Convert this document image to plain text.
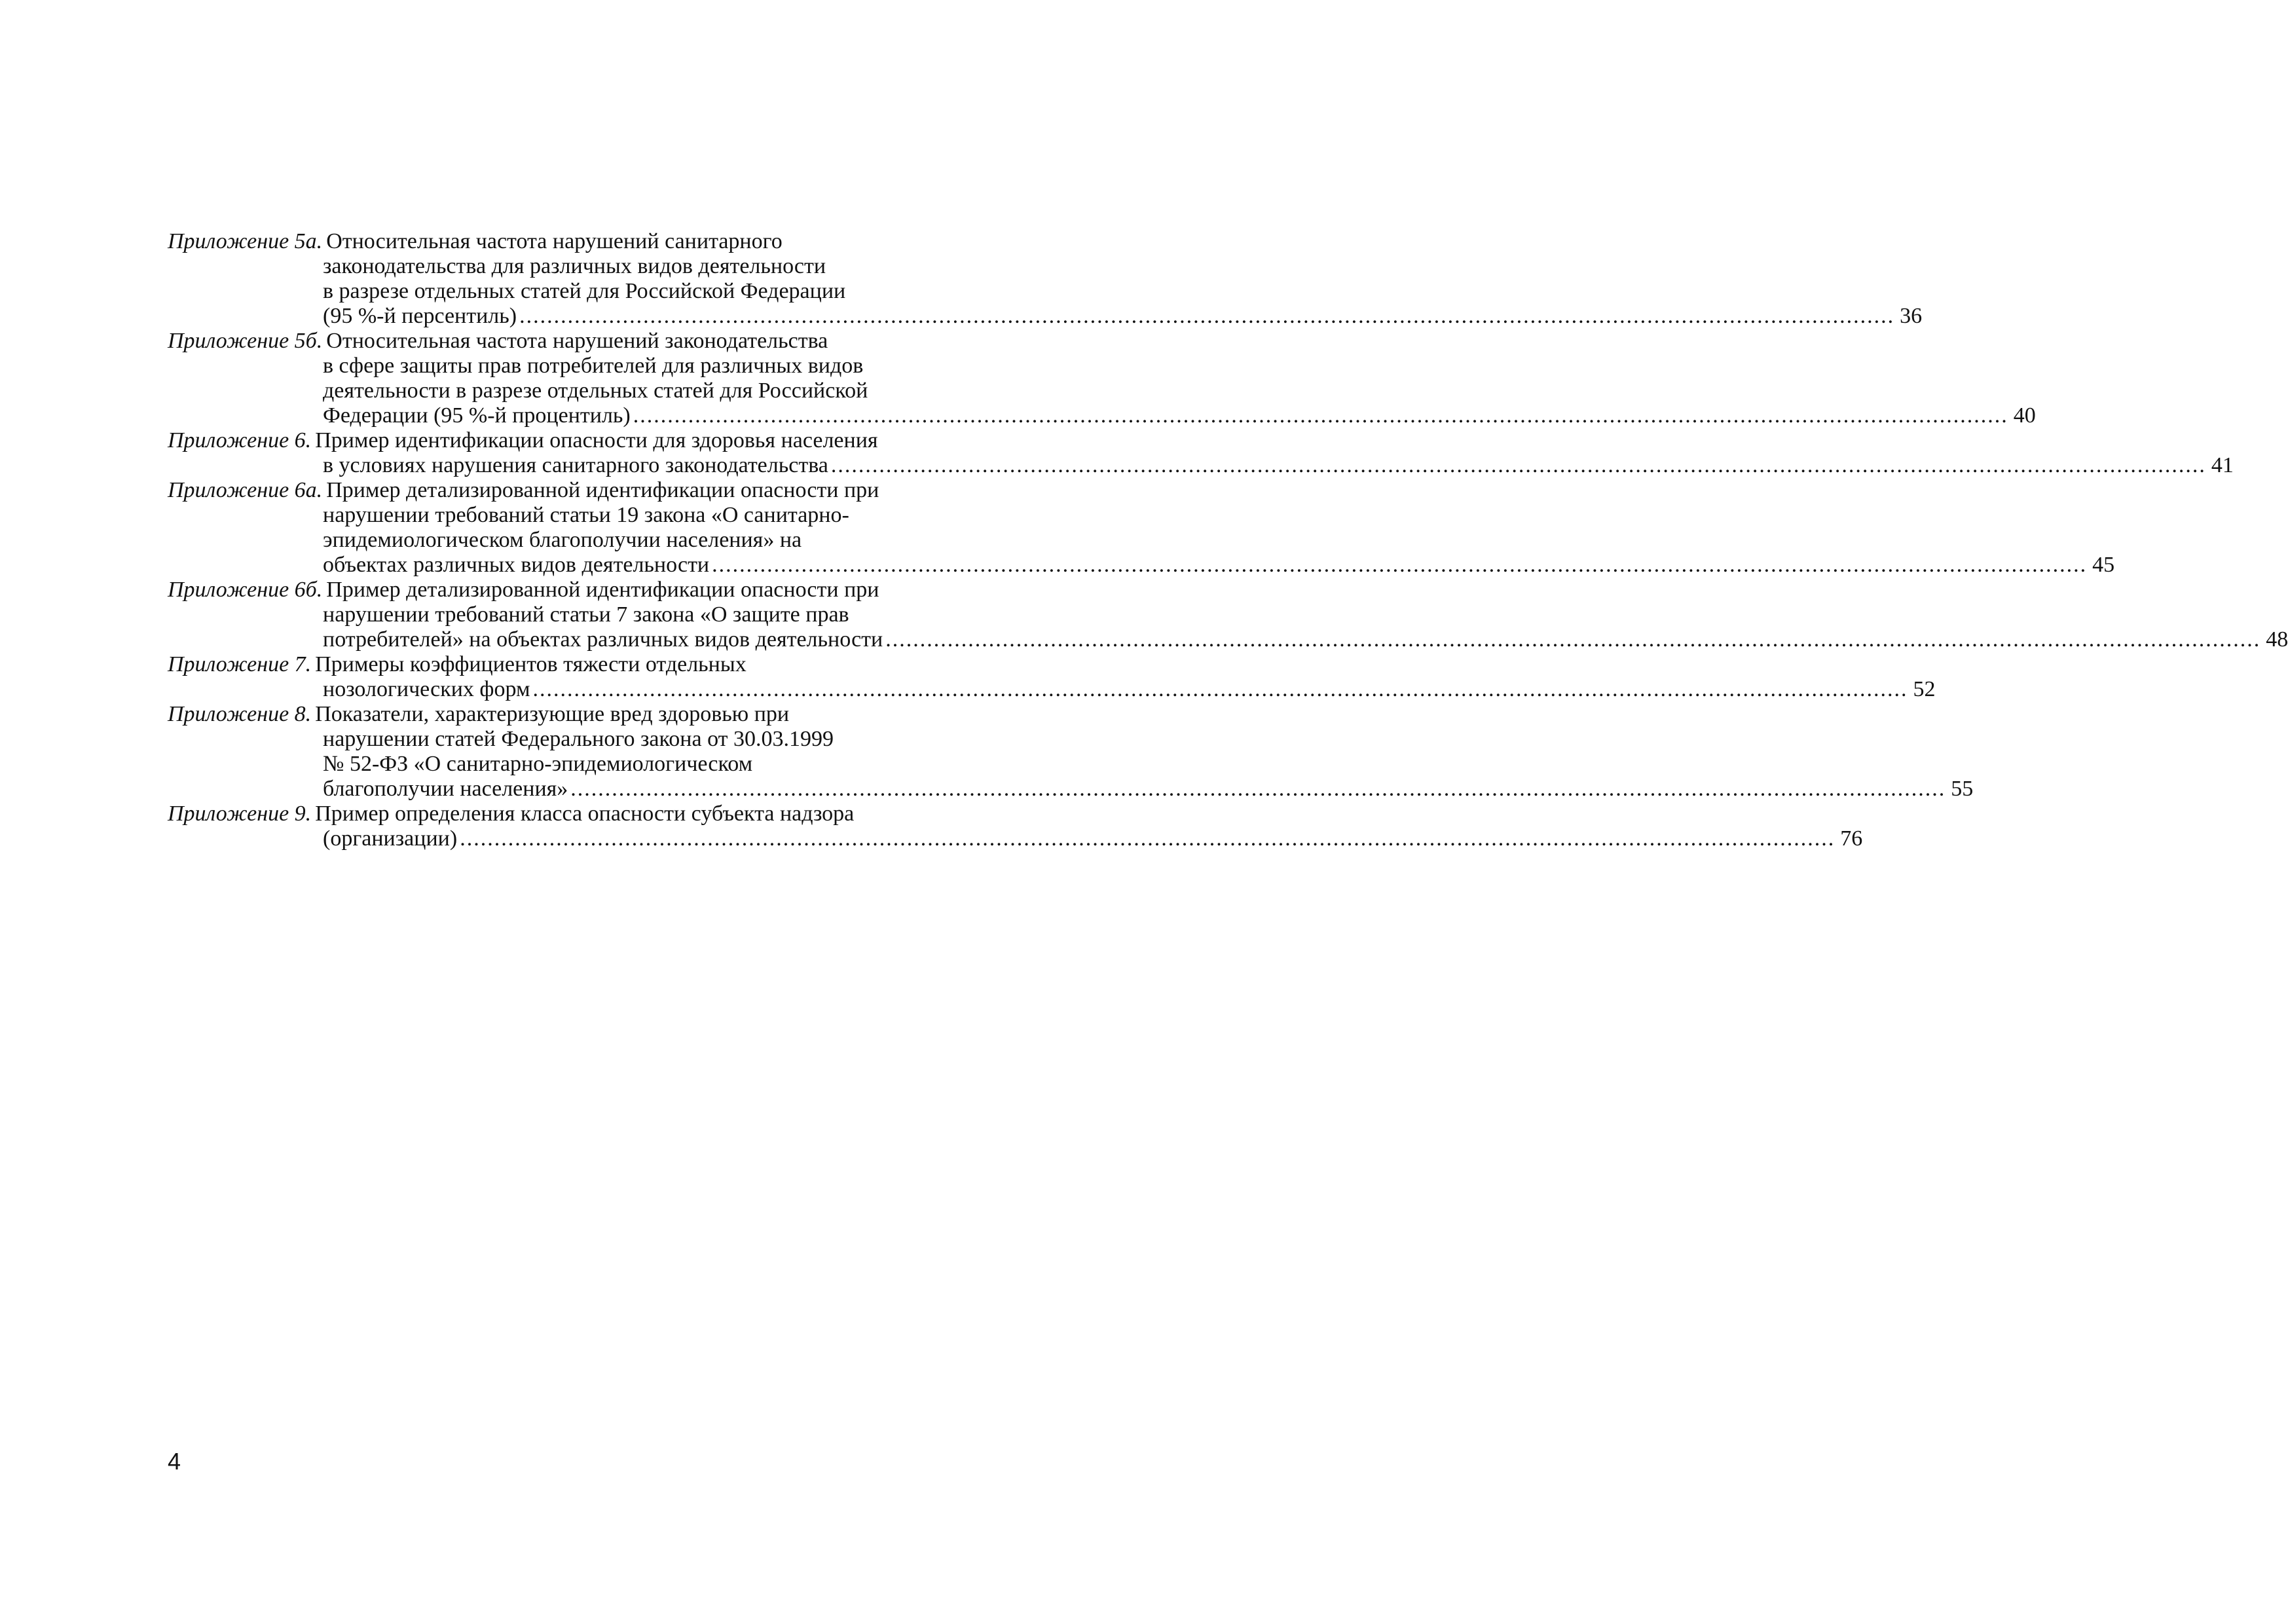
Приложение 5а. Относительная частота нарушений санитарного
законодательства для различных видов деятельности
в разрезе отдельных статей для Российской Федерации
(95 %-й персентиль) ........................................................................................................................................................................................................ 36
Приложение 5б. Относительная частота нарушений законодательства
в сфере защиты прав потребителей для различных видов
деятельности в разрезе отдельных статей для Российской
Федерации (95 %-й процентиль) ........................................................................................................................................................................................................ 40
Приложение 6. Пример идентификации опасности для здоровья населения
в условиях нарушения санитарного законодательства ........................................................................................................................................................................................................ 41
Приложение 6а. Пример детализированной идентификации опасности при
нарушении требований статьи 19 закона «О санитарно-
эпидемиологическом благополучии населения» на
объектах различных видов деятельности ........................................................................................................................................................................................................ 45
Приложение 6б. Пример детализированной идентификации опасности при
нарушении требований статьи 7 закона «О защите прав
потребителей» на объектах различных видов деятельности ........................................................................................................................................................................................................ 48
Приложение 7. Примеры коэффициентов тяжести отдельных
нозологических форм ........................................................................................................................................................................................................ 52
Приложение 8. Показатели, характеризующие вред здоровью при
нарушении статей Федерального закона от 30.03.1999
№ 52-ФЗ «О санитарно-эпидемиологическом
благополучии населения» ........................................................................................................................................................................................................ 55
Приложение 9. Пример определения класса опасности субъекта надзора
(организации) ........................................................................................................................................................................................................ 76
4
